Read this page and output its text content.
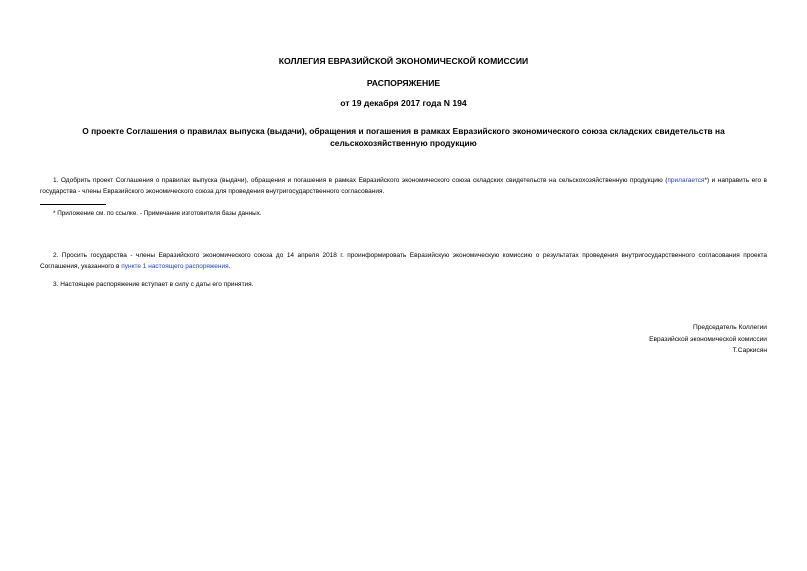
КОЛЛЕГИЯ ЕВРАЗИЙСКОЙ ЭКОНОМИЧЕСКОЙ КОМИССИИ
РАСПОРЯЖЕНИЕ
от 19 декабря 2017 года N 194
О проекте Соглашения о правилах выпуска (выдачи), обращения и погашения в рамках Евразийского экономического союза складских свидетельств на сельскохозяйственную продукцию
1. Одобрить проект Соглашения о правилах выпуска (выдачи), обращения и погашения в рамках Евразийского экономического союза складских свидетельств на сельскохозяйственную продукцию (прилагается*) и направить его в государства - члены Евразийского экономического союза для проведения внутригосударственного согласования.
* Приложение см. по ссылке. - Примечание изготовителя базы данных.
2. Просить государства - члены Евразийского экономического союза до 14 апреля 2018 г. проинформировать Евразийскую экономическую комиссию о результатах проведения внутригосударственного согласования проекта Соглашения, указанного в пункте 1 настоящего распоряжения.
3. Настоящее распоряжение вступает в силу с даты его принятия.
Председатель Коллегии
Евразийской экономической комиссии
Т.Саркисян
